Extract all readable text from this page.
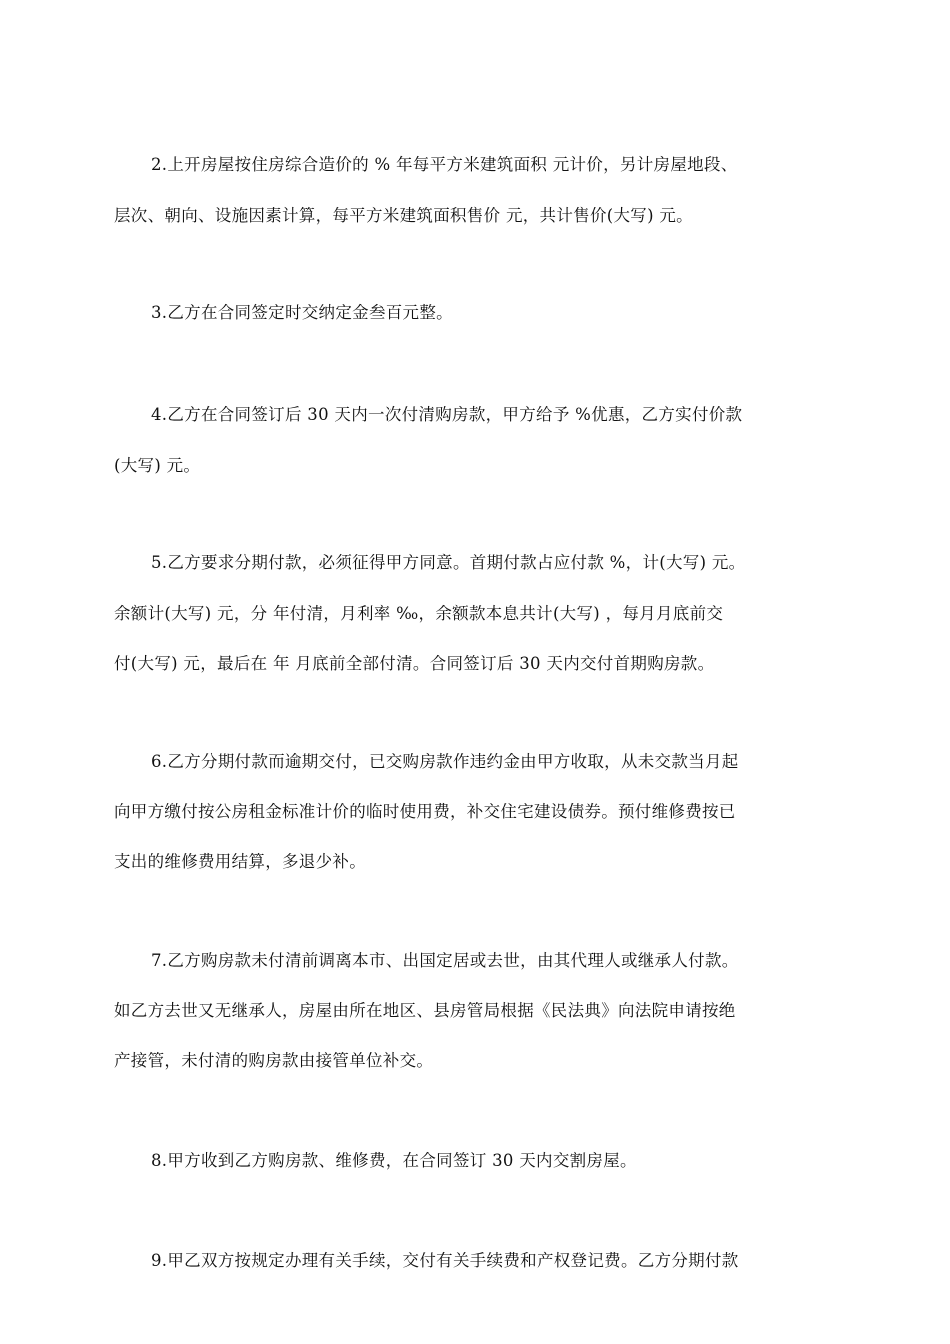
2.上开房屋按住房综合造价的 % 年每平方米建筑面积 元计价，另计房屋地段、
层次、朝向、设施因素计算，每平方米建筑面积售价 元，共计售价(大写) 元。
3.乙方在合同签定时交纳定金叁百元整。
4.乙方在合同签订后 30 天内一次付清购房款，甲方给予 %优惠，乙方实付价款
(大写) 元。
5.乙方要求分期付款，必须征得甲方同意。首期付款占应付款 %，计(大写) 元。
余额计(大写) 元，分 年付清，月利率 ‰，余额款本息共计(大写) ，每月月底前交
付(大写) 元，最后在 年 月底前全部付清。合同签订后 30 天内交付首期购房款。
6.乙方分期付款而逾期交付，已交购房款作违约金由甲方收取，从未交款当月起
向甲方缴付按公房租金标准计价的临时使用费，补交住宅建设债券。预付维修费按已
支出的维修费用结算，多退少补。
7.乙方购房款未付清前调离本市、出国定居或去世，由其代理人或继承人付款。
如乙方去世又无继承人，房屋由所在地区、县房管局根据《民法典》向法院申请按绝
产接管，未付清的购房款由接管单位补交。
8.甲方收到乙方购房款、维修费，在合同签订 30 天内交割房屋。
9.甲乙双方按规定办理有关手续，交付有关手续费和产权登记费。乙方分期付款
